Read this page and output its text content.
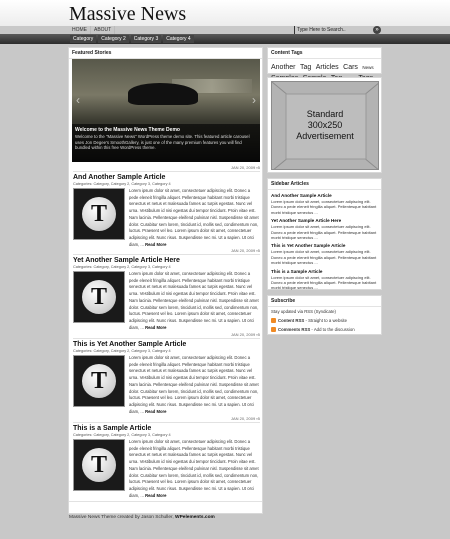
Massive News
HOME	ABOUT	Type Here to Search..	»
Category	Category 2	Category 3	Category 4
Featured Stories
‹	›
Welcome to the Massive News Theme Demo
Welcome to the "Massive News" WordPress theme demo site. This featured article carousel uses Jon Degee's SmoothGallery, is just one of the many premium features you will find bundled within this free WordPress theme.
JAN 20, 2009 ▪5
And Another Sample Article
Categories: Category, Category 2, Category 3, Category 4
T
Lorem ipsum dolor sit amet, consectetuer adipiscing elit. Donec a pede eleneit fringilla aliquet. Pellentesque habitant morbi tristique senectus et netus et malesuada fames ac turpis egestas. Nunc vel urna. Vestibulum id nisi egestas dui tempor tincidunt. Proin vitae est. Nam lacinia. Pellentesque eleifend pulvinar nisl. Suspendisse sit amet dolor. Curabitur sem lorem, tincidunt id, mollis sed, condimentum non, luctus. Praesent vel leo. Lorem ipsum dolor sit amet, consectetuer adipiscing elit. Nunc risus. Suspendisse nec mi. Ut a sapien. Ut orci diam, ... Read More
JAN 20, 2009 ▪5
Yet Another Sample Article Here
Categories: Category, Category 2, Category 3, Category 4
T
Lorem ipsum dolor sit amet, consectetuer adipiscing elit. Donec a pede eleneit fringilla aliquet. Pellentesque habitant morbi tristique senectus et netus et malesuada fames ac turpis egestas. Nunc vel urna. Vestibulum id nisi egestas dui tempor tincidunt. Proin vitae est. Nam lacinia. Pellentesque eleifend pulvinar nisl. Suspendisse sit amet dolor. Curabitur sem lorem, tincidunt id, mollis sed, condimentum non, luctus. Praesent vel leo. Lorem ipsum dolor sit amet, consectetuer adipiscing elit. Nunc risus. Suspendisse nec mi. Ut a sapien. Ut orci diam, ... Read More
JAN 20, 2009 ▪5
This is Yet Another Sample Article
Categories: Category, Category 2, Category 3, Category 4
T
Lorem ipsum dolor sit amet, consectetuer adipiscing elit. Donec a pede eleneit fringilla aliquet. Pellentesque habitant morbi tristique senectus et netus et malesuada fames ac turpis egestas. Nunc vel urna. Vestibulum id nisi egestas dui tempor tincidunt. Proin vitae est. Nam lacinia. Pellentesque eleifend pulvinar nisl. Suspendisse sit amet dolor. Curabitur sem lorem, tincidunt id, mollis sed, condimentum non, luctus. Praesent vel leo. Lorem ipsum dolor sit amet, consectetuer adipiscing elit. Nunc risus. Suspendisse nec mi. Ut a sapien. Ut orci diam, ... Read More
JAN 20, 2009 ▪5
This is a Sample Article
Categories: Category, Category 2, Category 3, Category 4
T
Lorem ipsum dolor sit amet, consectetuer adipiscing elit. Donec a pede eleneit fringilla aliquet. Pellentesque habitant morbi tristique senectus et netus et malesuada fames ac turpis egestas. Nunc vel urna. Vestibulum id nisi egestas dui tempor tincidunt. Proin vitae est. Nam lacinia. Pellentesque eleifend pulvinar nisl. Suspendisse sit amet dolor. Curabitur sem lorem, tincidunt id, mollis sed, condimentum non, luctus. Praesent vel leo. Lorem ipsum dolor sit amet, consectetuer adipiscing elit. Nunc risus. Suspendisse nec mi. Ut a sapien. Ut orci diam, ... Read More
Content Tags
Another Tag Articles Cars News
Standard
300x250
Advertisement
Sidebar Articles
And Another Sample Article
Lorem ipsum dolor sit amet, consectetuer adipiscing elit. Donec a pede eleneit fringilla aliquet. Pellentesque habitant morbi tristique senectus ...
Yet Another Sample Article Here
Lorem ipsum dolor sit amet, consectetuer adipiscing elit. Donec a pede eleneit fringilla aliquet. Pellentesque habitant morbi tristique senectus ...
This is Yet Another Sample Article
Lorem ipsum dolor sit amet, consectetuer adipiscing elit. Donec a pede eleneit fringilla aliquet. Pellentesque habitant morbi tristique senectus ...
This is a Sample Article
Lorem ipsum dolor sit amet, consectetuer adipiscing elit. Donec a pede eleneit fringilla aliquet. Pellentesque habitant morbi tristique senectus ...
Subscribe
Stay updated via RSS (Syndicate)
Content RSS - Straight to a website
Comments RSS - Add to the discussion
Massive News Theme created by Jason Schuller, WPelements.com
